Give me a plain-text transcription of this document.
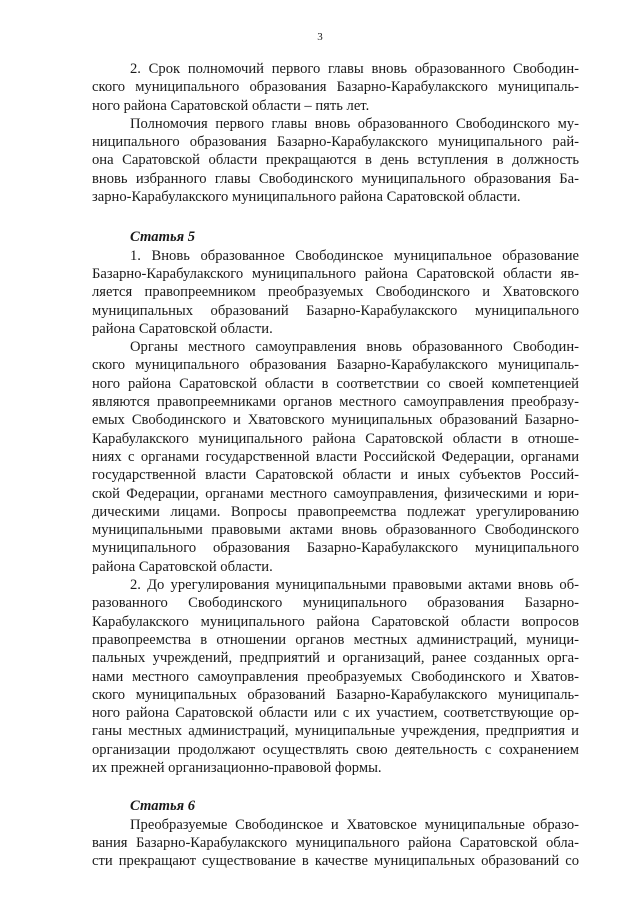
3
2. Срок полномочий первого главы вновь образованного Свободин-
ского муниципального образования Базарно-Карабулакского муниципаль-
ного района Саратовской области – пять лет.
Полномочия первого главы вновь образованного Свободинского му-
ниципального образования Базарно-Карабулакского муниципального рай-
она Саратовской области прекращаются в день вступления в должность
вновь избранного главы Свободинского муниципального образования Ба-
зарно-Карабулакского муниципального района Саратовской области.
Статья 5
1. Вновь образованное Свободинское муниципальное образование
Базарно-Карабулакского муниципального района Саратовской области яв-
ляется правопреемником преобразуемых Свободинского и Хватовского
муниципальных образований Базарно-Карабулакского муниципального
района Саратовской области.
Органы местного самоуправления вновь образованного Свободин-
ского муниципального образования Базарно-Карабулакского муниципаль-
ного района Саратовской области в соответствии со своей компетенцией
являются правопреемниками органов местного самоуправления преобразу-
емых Свободинского и Хватовского муниципальных образований Базарно-
Карабулакского муниципального района Саратовской области в отноше-
ниях с органами государственной власти Российской Федерации, органами
государственной власти Саратовской области и иных субъектов Россий-
ской Федерации, органами местного самоуправления, физическими и юри-
дическими лицами. Вопросы правопреемства подлежат урегулированию
муниципальными правовыми актами вновь образованного Свободинского
муниципального образования Базарно-Карабулакского муниципального
района Саратовской области.
2. До урегулирования муниципальными правовыми актами вновь об-
разованного Свободинского муниципального образования Базарно-
Карабулакского муниципального района Саратовской области вопросов
правопреемства в отношении органов местных администраций, муници-
пальных учреждений, предприятий и организаций, ранее созданных орга-
нами местного самоуправления преобразуемых Свободинского и Хватов-
ского муниципальных образований Базарно-Карабулакского муниципаль-
ного района Саратовской области или с их участием, соответствующие ор-
ганы местных администраций, муниципальные учреждения, предприятия и
организации продолжают осуществлять свою деятельность с сохранением
их прежней организационно-правовой формы.
Статья 6
Преобразуемые Свободинское и Хватовское муниципальные образо-
вания Базарно-Карабулакского муниципального района Саратовской обла-
сти прекращают существование в качестве муниципальных образований со
